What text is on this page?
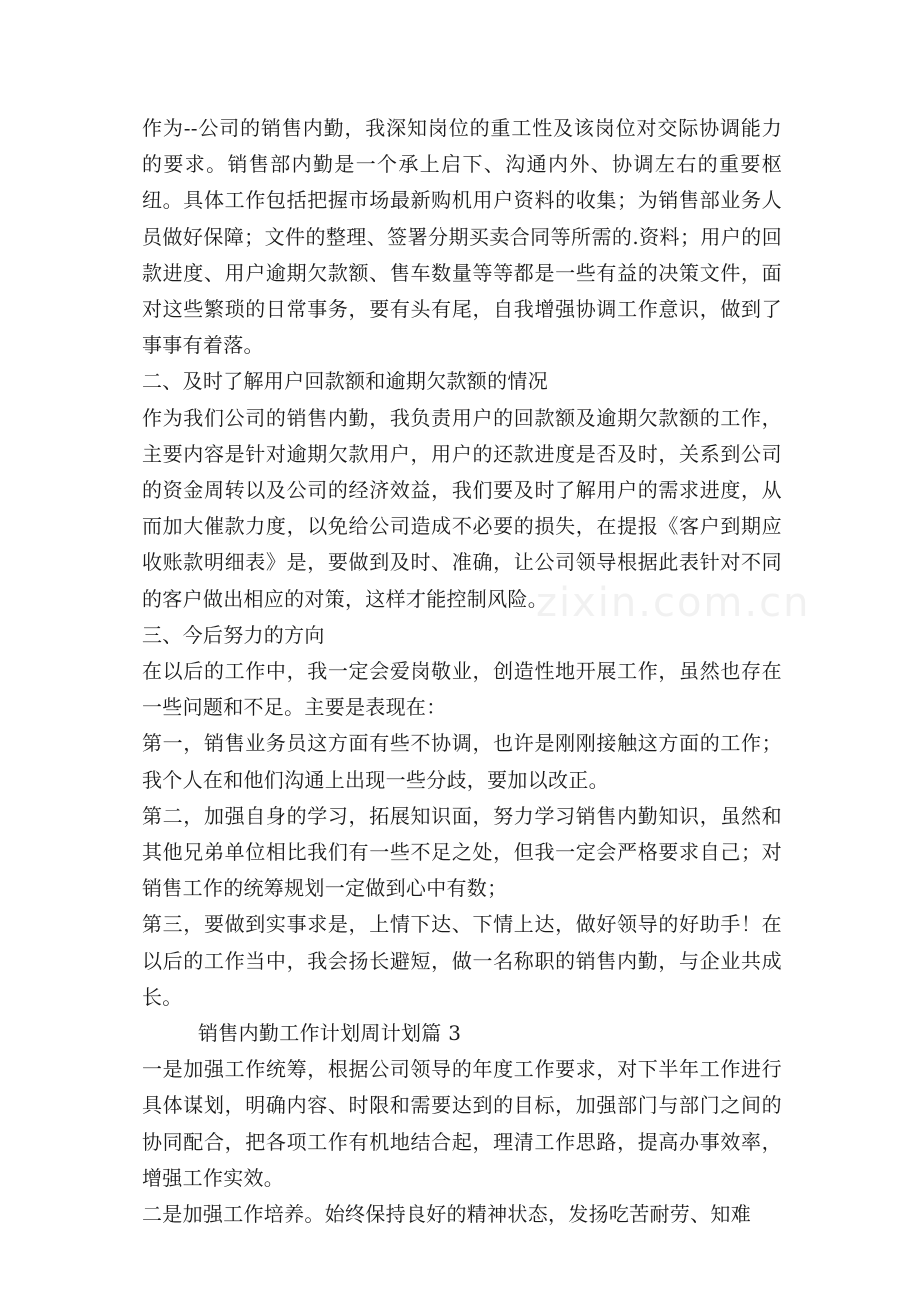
作为--公司的销售内勤，我深知岗位的重工性及该岗位对交际协调能力的要求。销售部内勤是一个承上启下、沟通内外、协调左右的重要枢纽。具体工作包括把握市场最新购机用户资料的收集；为销售部业务人员做好保障；文件的整理、签署分期买卖合同等所需的.资料；用户的回款进度、用户逾期欠款额、售车数量等等都是一些有益的决策文件，面对这些繁琐的日常事务，要有头有尾，自我增强协调工作意识，做到了事事有着落。

二、及时了解用户回款额和逾期欠款额的情况

作为我们公司的销售内勤，我负责用户的回款额及逾期欠款额的工作，主要内容是针对逾期欠款用户，用户的还款进度是否及时，关系到公司的资金周转以及公司的经济效益，我们要及时了解用户的需求进度，从而加大催款力度，以免给公司造成不必要的损失，在提报《客户到期应收账款明细表》是，要做到及时、准确，让公司领导根据此表针对不同的客户做出相应的对策，这样才能控制风险。

三、今后努力的方向

在以后的工作中，我一定会爱岗敬业，创造性地开展工作，虽然也存在一些问题和不足。主要是表现在：

第一，销售业务员这方面有些不协调，也许是刚刚接触这方面的工作；我个人在和他们沟通上出现一些分歧，要加以改正。

第二，加强自身的学习，拓展知识面，努力学习销售内勤知识，虽然和其他兄弟单位相比我们有一些不足之处，但我一定会严格要求自己；对销售工作的统筹规划一定做到心中有数；

第三，要做到实事求是，上情下达、下情上达，做好领导的好助手！在以后的工作当中，我会扬长避短，做一名称职的销售内勤，与企业共成长。

销售内勤工作计划周计划篇 3

一是加强工作统筹，根据公司领导的年度工作要求，对下半年工作进行具体谋划，明确内容、时限和需要达到的目标，加强部门与部门之间的协同配合，把各项工作有机地结合起，理清工作思路，提高办事效率，增强工作实效。

二是加强工作培养。始终保持良好的精神状态，发扬吃苦耐劳、知难

zixin.com.cn
